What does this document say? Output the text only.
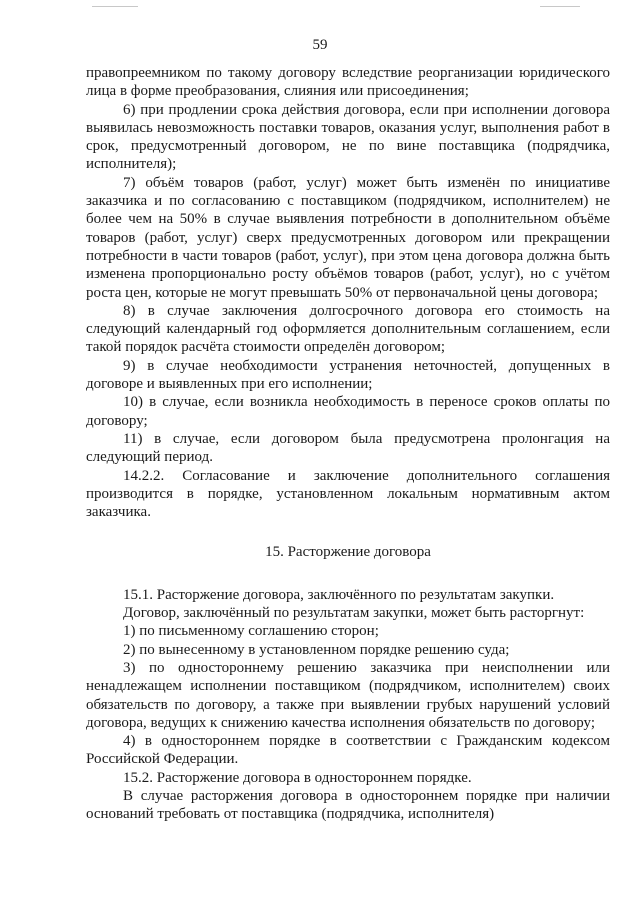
59

правопреемником по такому договору вследствие реорганизации юридического лица в форме преобразования, слияния или присоединения;

6) при продлении срока действия договора, если при исполнении договора выявилась невозможность поставки товаров, оказания услуг, выполнения работ в срок, предусмотренный договором, не по вине поставщика (подрядчика, исполнителя);

7) объём товаров (работ, услуг) может быть изменён по инициативе заказчика и по согласованию с поставщиком (подрядчиком, исполнителем) не более чем на 50% в случае выявления потребности в дополнительном объёме товаров (работ, услуг) сверх предусмотренных договором или прекращении потребности в части товаров (работ, услуг), при этом цена договора должна быть изменена пропорционально росту объёмов товаров (работ, услуг), но с учётом роста цен, которые не могут превышать 50% от первоначальной цены договора;

8) в случае заключения долгосрочного договора его стоимость на следующий календарный год оформляется дополнительным соглашением, если такой порядок расчёта стоимости определён договором;

9) в случае необходимости устранения неточностей, допущенных в договоре и выявленных при его исполнении;

10) в случае, если возникла необходимость в переносе сроков оплаты по договору;

11) в случае, если договором была предусмотрена пролонгация на следующий период.

14.2.2. Согласование и заключение дополнительного соглашения производится в порядке, установленном локальным нормативным актом заказчика.

15. Расторжение договора

15.1. Расторжение договора, заключённого по результатам закупки.

Договор, заключённый по результатам закупки, может быть расторгнут:

1) по письменному соглашению сторон;

2) по вынесенному в установленном порядке решению суда;

3) по одностороннему решению заказчика при неисполнении или ненадлежащем исполнении поставщиком (подрядчиком, исполнителем) своих обязательств по договору, а также при выявлении грубых нарушений условий договора, ведущих к снижению качества исполнения обязательств по договору;

4) в одностороннем порядке в соответствии с Гражданским кодексом Российской Федерации.

15.2. Расторжение договора в одностороннем порядке.

В случае расторжения договора в одностороннем порядке при наличии оснований требовать от поставщика (подрядчика, исполнителя)
